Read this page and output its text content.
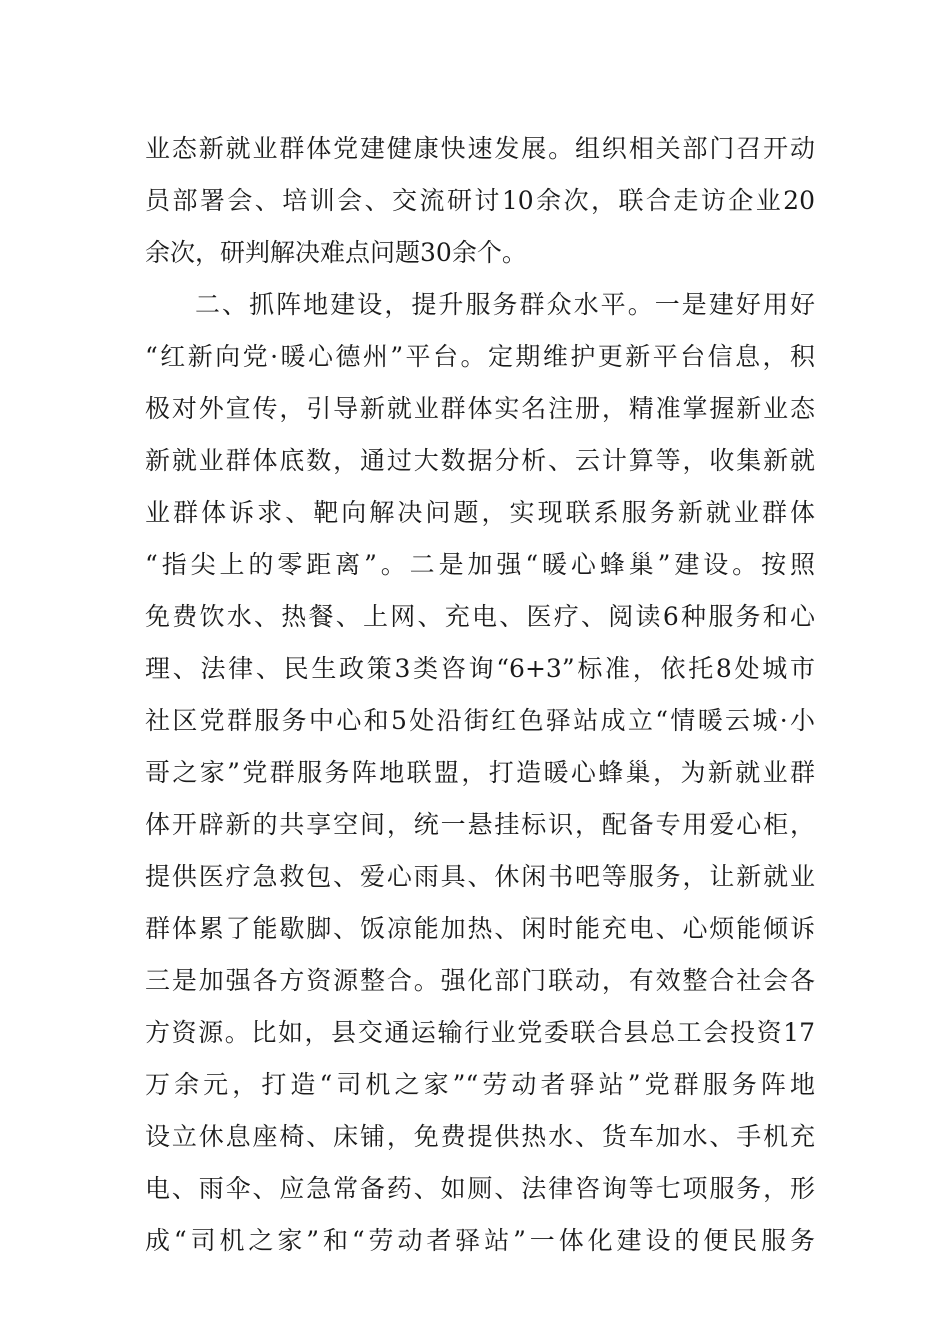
业态新就业群体党建健康快速发展。组织相关部门召开动
员部署会、培训会、交流研讨10余次，联合走访企业20
余次，研判解决难点问题30余个。
二、抓阵地建设，提升服务群众水平。一是建好用好
“红新向党·暖心德州”平台。定期维护更新平台信息，积
极对外宣传，引导新就业群体实名注册，精准掌握新业态
新就业群体底数，通过大数据分析、云计算等，收集新就
业群体诉求、靶向解决问题，实现联系服务新就业群体
“指尖上的零距离”。二是加强“暖心蜂巢”建设。按照
免费饮水、热餐、上网、充电、医疗、阅读6种服务和心
理、法律、民生政策3类咨询“6+3”标准，依托8处城市
社区党群服务中心和5处沿街红色驿站成立“情暖云城·小
哥之家”党群服务阵地联盟，打造暖心蜂巢，为新就业群
体开辟新的共享空间，统一悬挂标识，配备专用爱心柜，
提供医疗急救包、爱心雨具、休闲书吧等服务，让新就业
群体累了能歇脚、饭凉能加热、闲时能充电、心烦能倾诉
三是加强各方资源整合。强化部门联动，有效整合社会各
方资源。比如，县交通运输行业党委联合县总工会投资17
万余元，打造“司机之家”“劳动者驿站”党群服务阵地
设立休息座椅、床铺，免费提供热水、货车加水、手机充
电、雨伞、应急常备药、如厕、法律咨询等七项服务，形
成“司机之家”和“劳动者驿站”一体化建设的便民服务
